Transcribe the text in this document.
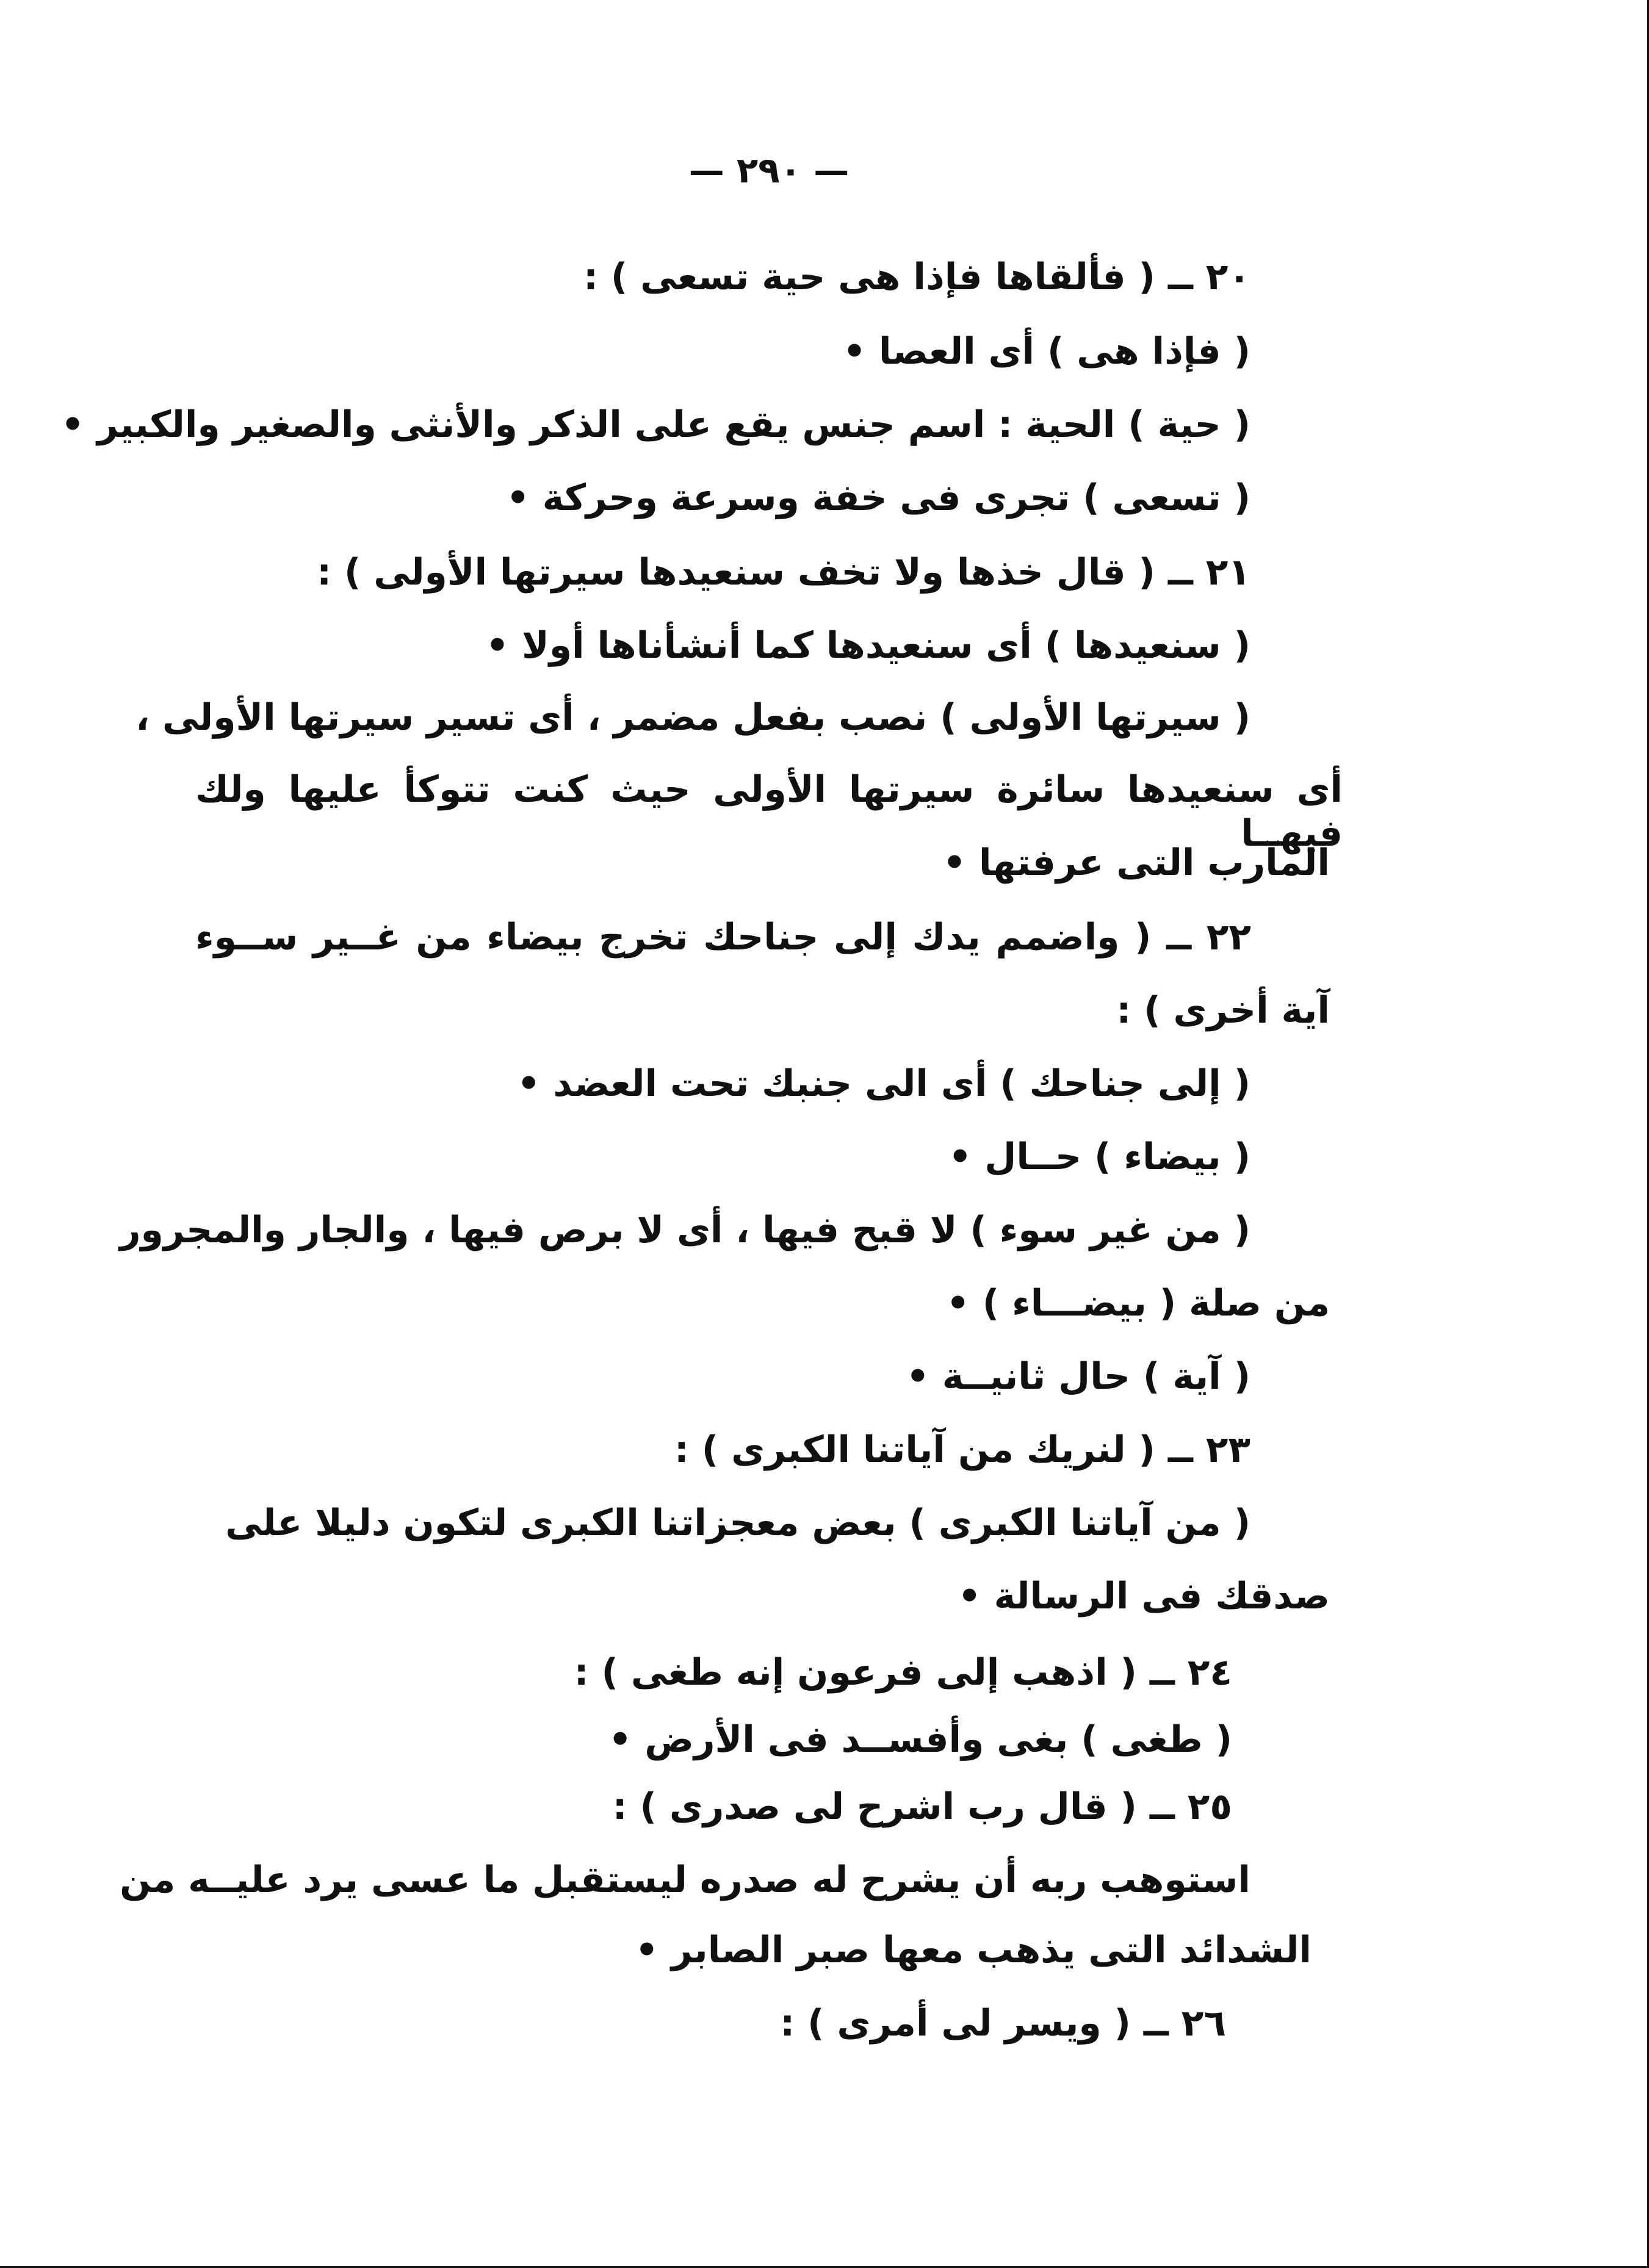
— ٢٩٠ —
٢٠ ــ ( فألقاها فإذا هى حية تسعى ) :
( فإذا هى ) أى العصا •
( حية ) الحية : اسم جنس يقع على الذكر والأنثى والصغير والكبير •
( تسعى ) تجرى فى خفة وسرعة وحركة •
٢١ ــ ( قال خذها ولا تخف سنعيدها سيرتها الأولى ) :
( سنعيدها ) أى سنعيدها كما أنشأناها أولا •
( سيرتها الأولى ) نصب بفعل مضمر ، أى تسير سيرتها الأولى ،
أى سنعيدها سائرة سيرتها الأولى حيث كنت تتوكأ عليها ولك فيهــا
المآرب التى عرفتها •
٢٢ ــ ( واضمم يدك إلى جناحك تخرج بيضاء من غــير ســوء
آية أخرى ) :
( إلى جناحك ) أى الى جنبك تحت العضد •
( بيضاء ) حــال •
( من غير سوء ) لا قبح فيها ، أى لا برص فيها ، والجار والمجرور
من صلة ( بيضـــاء ) •
( آية ) حال ثانيــة •
٢٣ ــ ( لنريك من آياتنا الكبرى ) :
( من آياتنا الكبرى ) بعض معجزاتنا الكبرى لتكون دليلا على
صدقك فى الرسالة •
٢٤ ــ ( اذهب إلى فرعون إنه طغى ) :
( طغى ) بغى وأفســد فى الأرض •
٢٥ ــ ( قال رب اشرح لى صدرى ) :
استوهب ربه أن يشرح له صدره ليستقبل ما عسى يرد عليــه من
الشدائد التى يذهب معها صبر الصابر •
٢٦ ــ ( ويسر لى أمرى ) :
